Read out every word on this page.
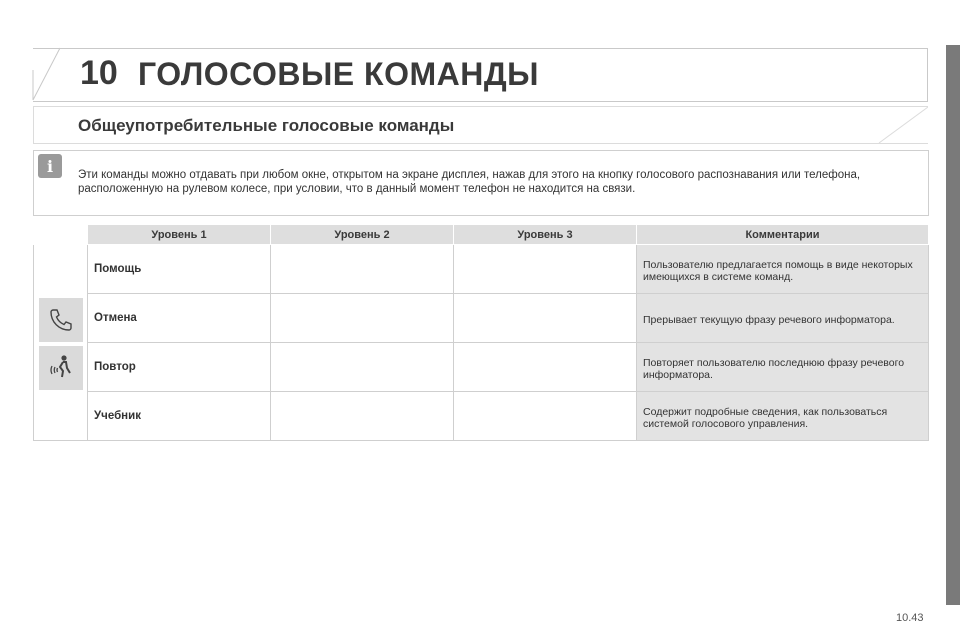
10 ГОЛОСОВЫЕ КОМАНДЫ
Общеупотребительные голосовые команды
i	Эти команды можно отдавать при любом окне, открытом на экране дисплея, нажав для этого на кнопку голосового распознавания или телефона, расположенную на рулевом колесе, при условии, что в данный момент телефон не находится на связи.
	Уровень 1	Уровень 2	Уровень 3	Комментарии

	Помощь			Пользователю предлагается помощь в виде некоторых имеющихся в системе команд.
	Отмена			Прерывает текущую фразу речевого информатора.
	Повтор			Повторяет пользователю последнюю фразу речевого информатора.
	Учебник			Содержит подробные сведения, как пользоваться системой голосового управления.
10.43
